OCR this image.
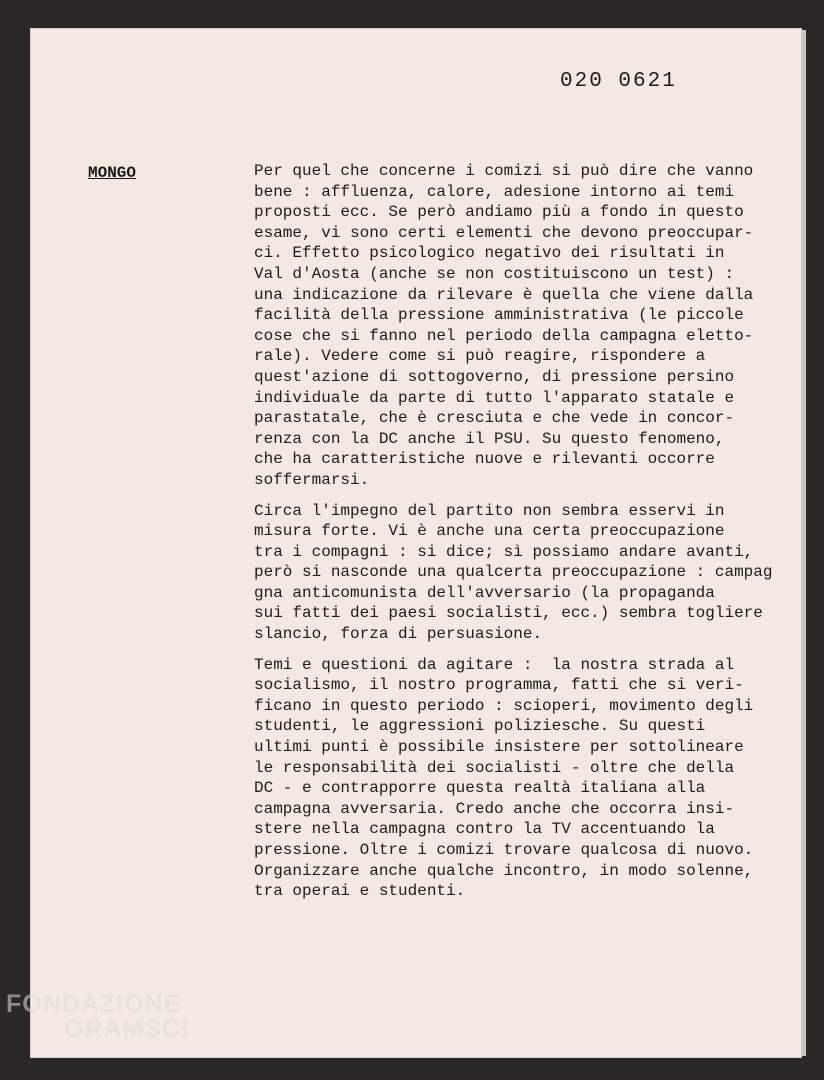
020 0621
MONGO	Per quel che concerne i comizi si può dire che vanno
bene : affluenza, calore, adesione intorno ai temi
proposti ecc. Se però andiamo più a fondo in questo
esame, vi sono certi elementi che devono preoccupar-
ci. Effetto psicologico negativo dei risultati in
Val d'Aosta (anche se non costituiscono un test) :
una indicazione da rilevare è quella che viene dalla
facilità della pressione amministrativa (le piccole
cose che si fanno nel periodo della campagna eletto-
rale). Vedere come si può reagire, rispondere a
quest'azione di sottogoverno, di pressione persino
individuale da parte di tutto l'apparato statale e
parastatale, che è cresciuta e che vede in concor-
renza con la DC anche il PSU. Su questo fenomeno,
che ha caratteristiche nuove e rilevanti occorre
soffermarsi.

Circa l'impegno del partito non sembra esservi in
misura forte. Vi è anche una certa preoccupazione
tra i compagni : si dice; sì possiamo andare avanti,
però si nasconde una qualcerta preoccupazione : campag
gna anticomunista dell'avversario (la propaganda
sui fatti dei paesi socialisti, ecc.) sembra togliere
slancio, forza di persuasione.

Temi e questioni da agitare :  la nostra strada al
socialismo, il nostro programma, fatti che si veri-
ficano in questo periodo : scioperi, movimento degli
studenti, le aggressioni poliziesche. Su questi
ultimi punti è possibile insistere per sottolineare
le responsabilità dei socialisti - oltre che della
DC - e contrapporre questa realtà italiana alla
campagna avversaria. Credo anche che occorra insi-
stere nella campagna contro la TV accentuando la
pressione. Oltre i comizi trovare qualcosa di nuovo.
Organizzare anche qualche incontro, in modo solenne,
tra operai e studenti.

FONDAZIONE
GRAMSCI
